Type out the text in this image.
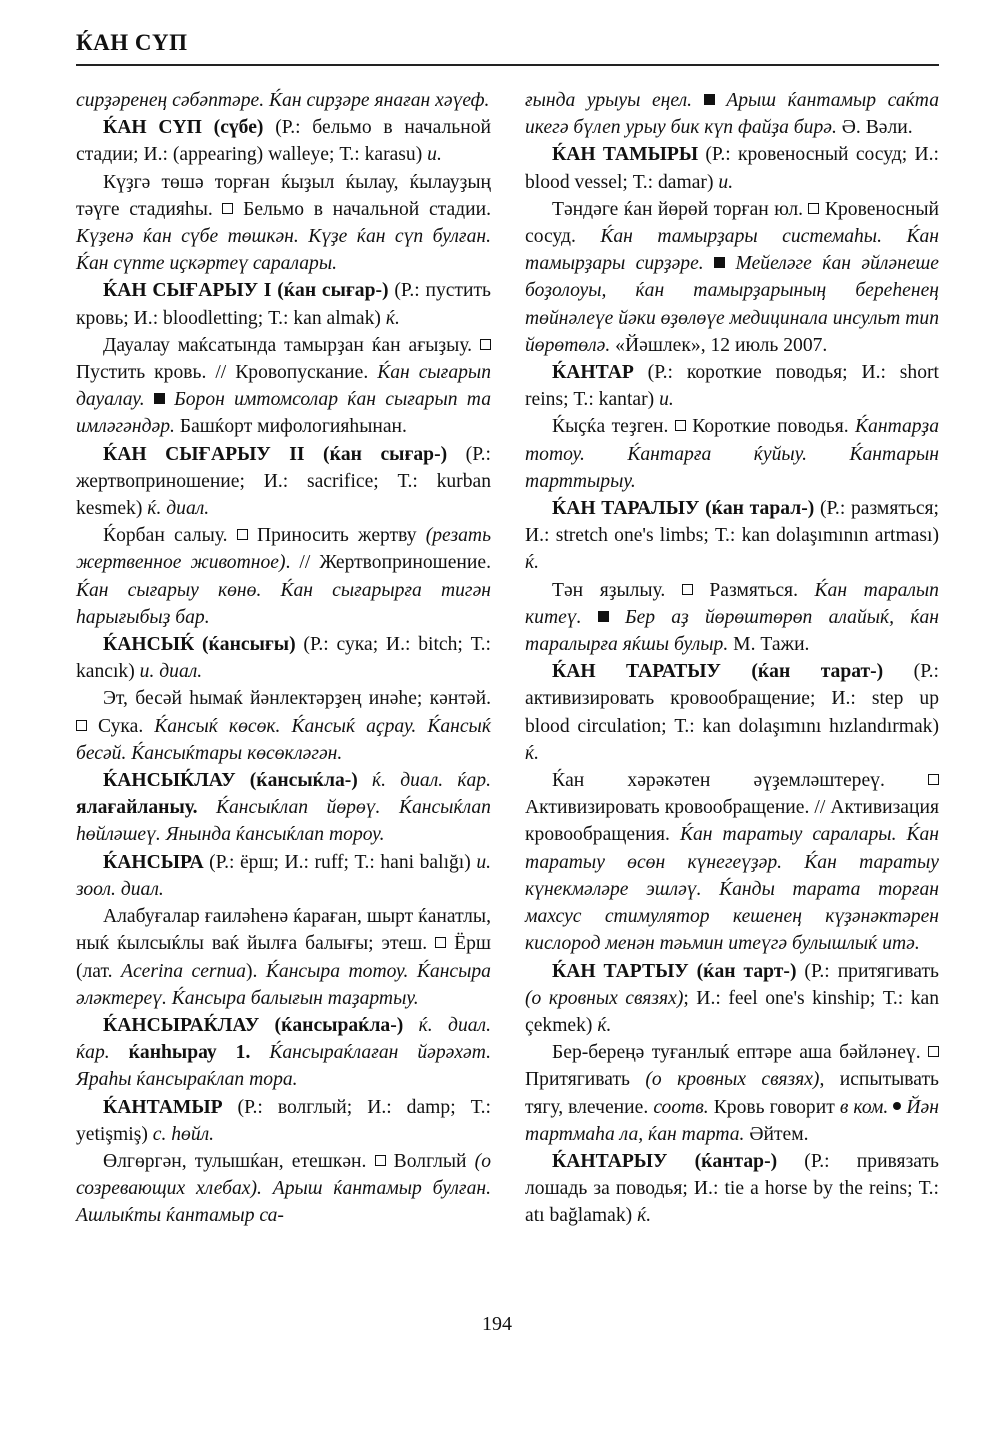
ЌАН СҮП

сирҙәренең сәбәптәре. Ќан сирҙәре янаған хәүеф.

ЌАН СҮП (сүбе) (Р.: бельмо в начальной стадии; И.: (appearing) walleye; Т.: karasu) и.

Күҙгә төшә торған ќыҙыл ќылау, ќылауҙың тәүге стадияһы.  Бельмо в начальной стадии. Күҙенә ќан сүбе төшкән. Күҙе ќан сүп булған. Ќан сүпте иҫкәртеү саралары.

ЌАН СЫҒАРЫУ I (ќан сығар-) (Р.: пустить кровь; И.: bloodletting; Т.: kan almak) ќ.

Дауалау маќсатында тамырҙан ќан ағыҙыу.  Пустить кровь. // Кровопускание. Ќан сығарып дауалау.  Борон имтомсолар ќан сығарып та имләгәндәр. Башќорт мифологияһынан.

ЌАН СЫҒАРЫУ II (ќан сығар-) (Р.: жертвоприношение; И.: sacrifice; Т.: kurban kesmek) ќ. диал.

Ќорбан салыу.  Приносить жертву (резать жертвенное животное). // Жертвоприношение. Ќан сығарыу көнө. Ќан сығарырға тигән һарығыбыҙ бар.

ЌАНСЫЌ (ќансығы) (Р.: сука; И.: bitch; Т.: kancık) и. диал.

Эт, бесәй һымаќ йәнлектәрҙең инәһе; кәнтәй.  Сука. Ќансыќ көсөк. Ќансыќ аҫрау. Ќансыќ бесәй. Ќансыќтары көсөкләгән.

ЌАНСЫЌЛАУ (ќансыќла-) ќ. диал. ќар. ялағайланыу. Ќансыќлап йөрөү. Ќансыќлап һөйләшеү. Янында ќансыќлап тороу.

ЌАНСЫРА (Р.: ёрш; И.: ruff; Т.: hani balığı) и. зоол. диал.

Алабуғалар ғаиләһенә ќараған, шырт ќанатлы, ныќ ќылсыќлы ваќ йылға балығы; этеш.  Ёрш (лат. Acerina cernua). Ќансыра тотоу. Ќансыра әләктереү. Ќансыра балығын таҙартыу.

ЌАНСЫРАЌЛАУ (ќансыраќла-) ќ. диал. ќар. ќанһырау 1. Ќансыраќлаған йәрәхәт. Яраһы ќансыраќлап тора.

ЌАНТАМЫР (Р.: волглый; И.: damp; Т.: yetişmiş) с. һөйл.

Өлгөргән, тулышќан, етешкән.  Волглый (о созревающих хлебах). Арыш ќантамыр булған. Ашлыќты ќантамыр са-

ғында урыуы еңел.  Арыш ќантамыр саќта икегә бүлеп урыу бик күп файҙа бирә. Ә. Вәли.

ЌАН ТАМЫРЫ (Р.: кровеносный сосуд; И.: blood vessel; Т.: damar) и.

Тәндәге ќан йөрөй торған юл.  Кровеносный сосуд. Ќан тамырҙары системаһы. Ќан тамырҙары сирҙәре.  Мейеләге ќан әйләнеше боҙолоуы, ќан тамырҙарының береһенең төйнәлеүе йәки өҙөлөүе медицинала инсульт тип йөрөтөлә. «Йәшлек», 12 июль 2007.

ЌАНТАР (Р.: короткие поводья; И.: short reins; Т.: kantar) и.

Ќыҫќа теҙген.  Короткие поводья. Ќантарҙа тотоу. Ќантарға ќуйыу. Ќантарын тарттырыу.

ЌАН ТАРАЛЫУ (ќан тарал-) (Р.: размяться; И.: stretch one's limbs; Т.: kan dolaşımının artması) ќ.

Тән яҙылыу.  Размяться. Ќан таралып китеү.  Бер аҙ йөрөштөрөп алайыќ, ќан таралырға яќшы булыр. М. Тажи.

ЌАН ТАРАТЫУ (ќан тарат-) (Р.: активизировать кровообращение; И.: step up blood circulation; Т.: kan dolaşımını hızlandırmak) ќ.

Ќан хәрәкәтен әүҙемләштереү.  Активизировать кровообращение. // Активизация кровообращения. Ќан таратыу саралары. Ќан таратыу өсөн күнегеүҙәр. Ќан таратыу күнекмәләре эшләү. Ќанды тарата торған махсус стимулятор кешенең күҙәнәктәрен кислород менән тәьмин итеүгә булышлыќ итә.

ЌАН ТАРТЫУ (ќан тарт-) (Р.: притягивать (о кровных связях); И.: feel one's kinship; Т.: kan çekmek) ќ.

Бер-береңә туғанлыќ ептәре аша бәйләнеү.  Притягивать (о кровных связях), испытывать тягу, влечение. соотв. Кровь говорит в ком.  Йән тартмаһа ла, ќан тарта. Әйтем.

ЌАНТАРЫУ (ќантар-) (Р.: привязать лошадь за поводья; И.: tie a horse by the reins; Т.: atı bağlamak) ќ.

194
